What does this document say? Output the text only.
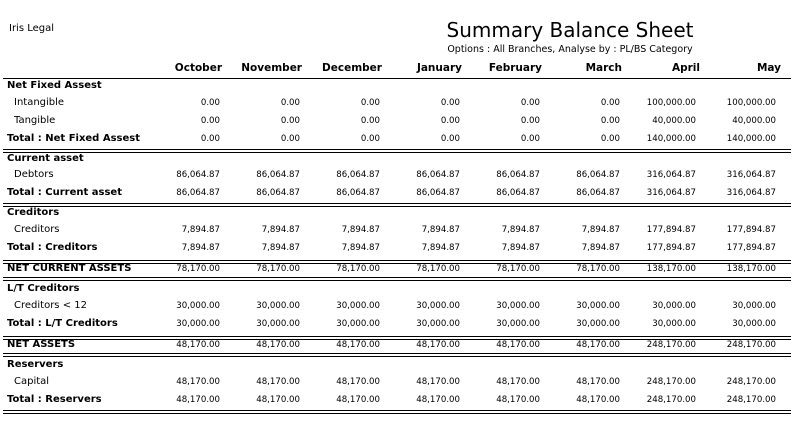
Iris Legal	Summary Balance Sheet
Options : All Branches, Analyse by : PL/BS Category
October	November	December	January	February	March	April	May
Net Fixed Assest
Intangible	0.00	0.00	0.00	0.00	0.00	0.00	100,000.00	100,000.00
Tangible	0.00	0.00	0.00	0.00	0.00	0.00	40,000.00	40,000.00
Total : Net Fixed Assest	0.00	0.00	0.00	0.00	0.00	0.00	140,000.00	140,000.00
Current asset
Debtors	86,064.87	86,064.87	86,064.87	86,064.87	86,064.87	86,064.87	316,064.87	316,064.87
Total : Current asset	86,064.87	86,064.87	86,064.87	86,064.87	86,064.87	86,064.87	316,064.87	316,064.87
Creditors
Creditors	7,894.87	7,894.87	7,894.87	7,894.87	7,894.87	7,894.87	177,894.87	177,894.87
Total : Creditors	7,894.87	7,894.87	7,894.87	7,894.87	7,894.87	7,894.87	177,894.87	177,894.87
NET CURRENT ASSETS	78,170.00	78,170.00	78,170.00	78,170.00	78,170.00	78,170.00	138,170.00	138,170.00
L/T Creditors
Creditors < 12	30,000.00	30,000.00	30,000.00	30,000.00	30,000.00	30,000.00	30,000.00	30,000.00
Total : L/T Creditors	30,000.00	30,000.00	30,000.00	30,000.00	30,000.00	30,000.00	30,000.00	30,000.00
NET ASSETS	48,170.00	48,170.00	48,170.00	48,170.00	48,170.00	48,170.00	248,170.00	248,170.00
Reservers
Capital	48,170.00	48,170.00	48,170.00	48,170.00	48,170.00	48,170.00	248,170.00	248,170.00
Total : Reservers	48,170.00	48,170.00	48,170.00	48,170.00	48,170.00	48,170.00	248,170.00	248,170.00
